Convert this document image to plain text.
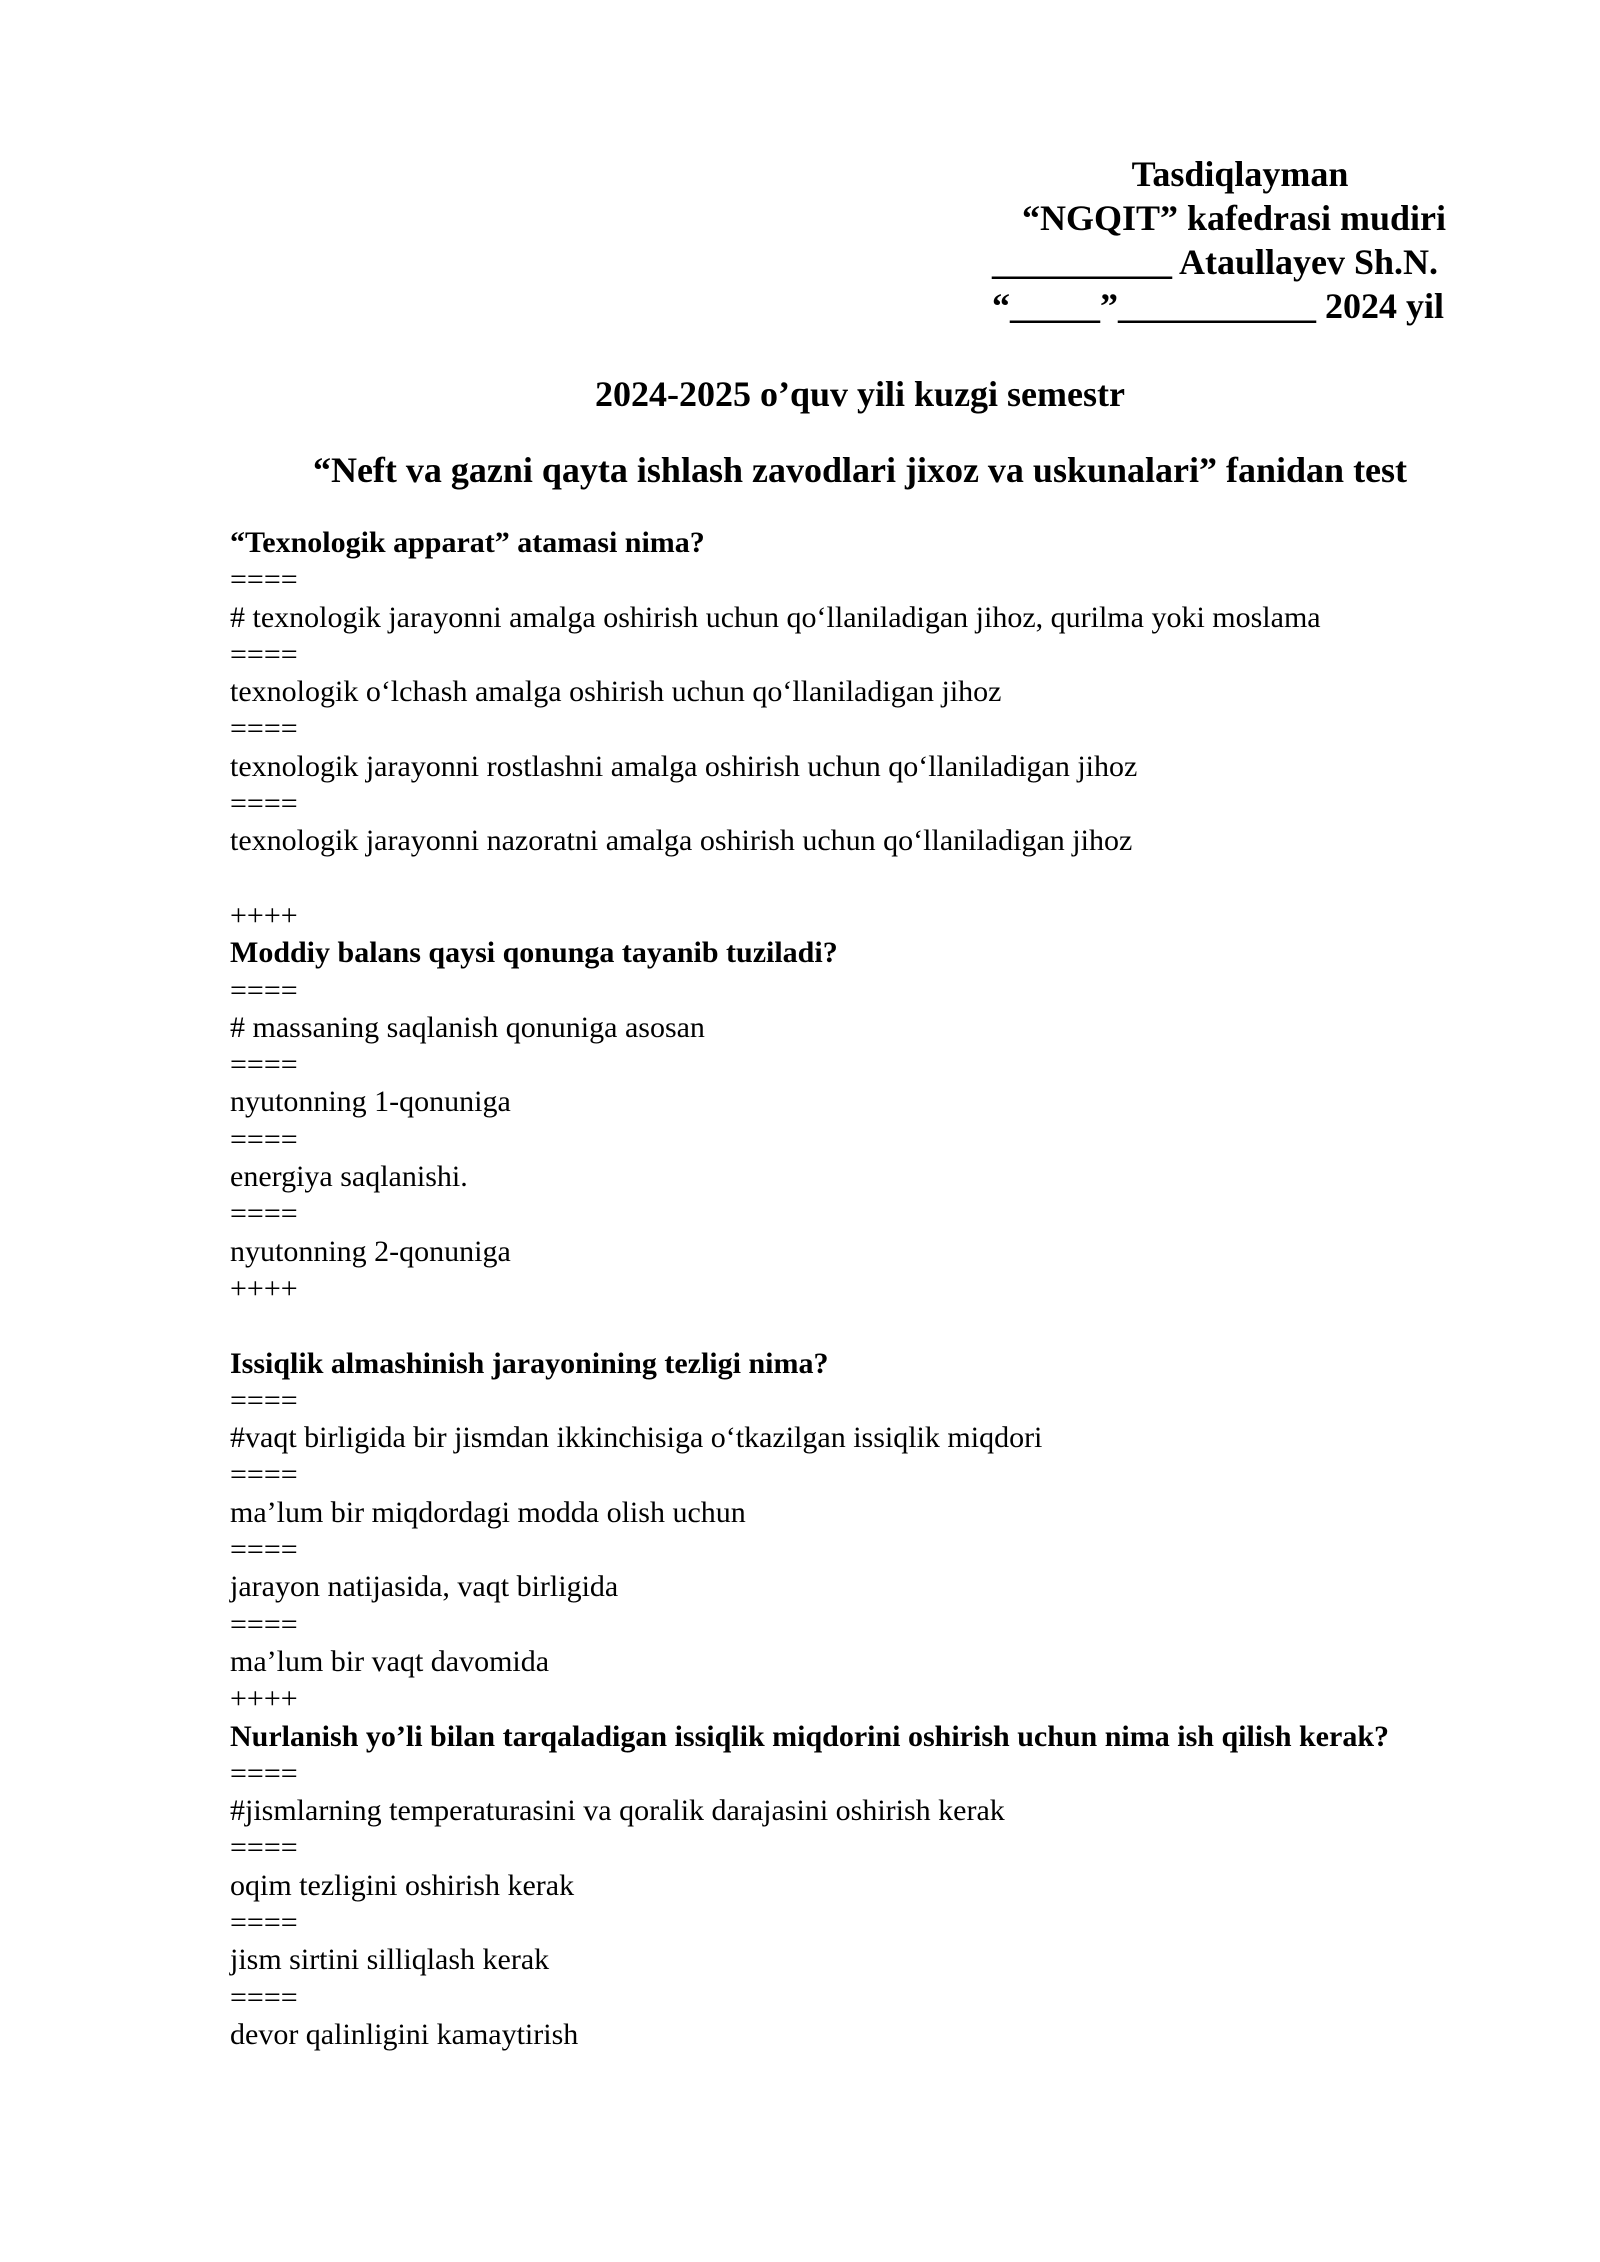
Tasdiqlayman
“NGQIT” kafedrasi mudiri
__________ Ataullayev Sh.N.
“_____”___________ 2024 yil
2024-2025 o’quv yili kuzgi semestr
“Neft va gazni qayta ishlash zavodlari jixoz va uskunalari” fanidan test
“Texnologik apparat” atamasi nima?
====
# texnologik jarayonni amalga oshirish uchun qo‘llaniladigan jihoz, qurilma yoki moslama
====
texnologik o‘lchash amalga oshirish uchun qo‘llaniladigan jihoz
====
texnologik jarayonni rostlashni amalga oshirish uchun qo‘llaniladigan jihoz
====
texnologik jarayonni nazoratni amalga oshirish uchun qo‘llaniladigan jihoz
++++
Moddiy balans qaysi qonunga tayanib tuziladi?
====
# massaning saqlanish qonuniga asosan
====
nyutonning 1-qonuniga
====
energiya saqlanishi.
====
nyutonning 2-qonuniga
++++
Issiqlik almashinish jarayonining tezligi nima?
====
#vaqt birligida bir jismdan ikkinchisiga o‘tkazilgan issiqlik miqdori
====
ma’lum bir miqdordagi modda olish uchun
====
jarayon natijasida, vaqt birligida
====
ma’lum bir vaqt davomida
++++
Nurlanish yo’li bilan tarqaladigan issiqlik miqdorini oshirish uchun nima ish qilish kerak?
====
#jismlarning temperaturasini va qoralik darajasini oshirish kerak
====
oqim tezligini oshirish kerak
====
jism sirtini silliqlash kerak
====
devor qalinligini kamaytirish
